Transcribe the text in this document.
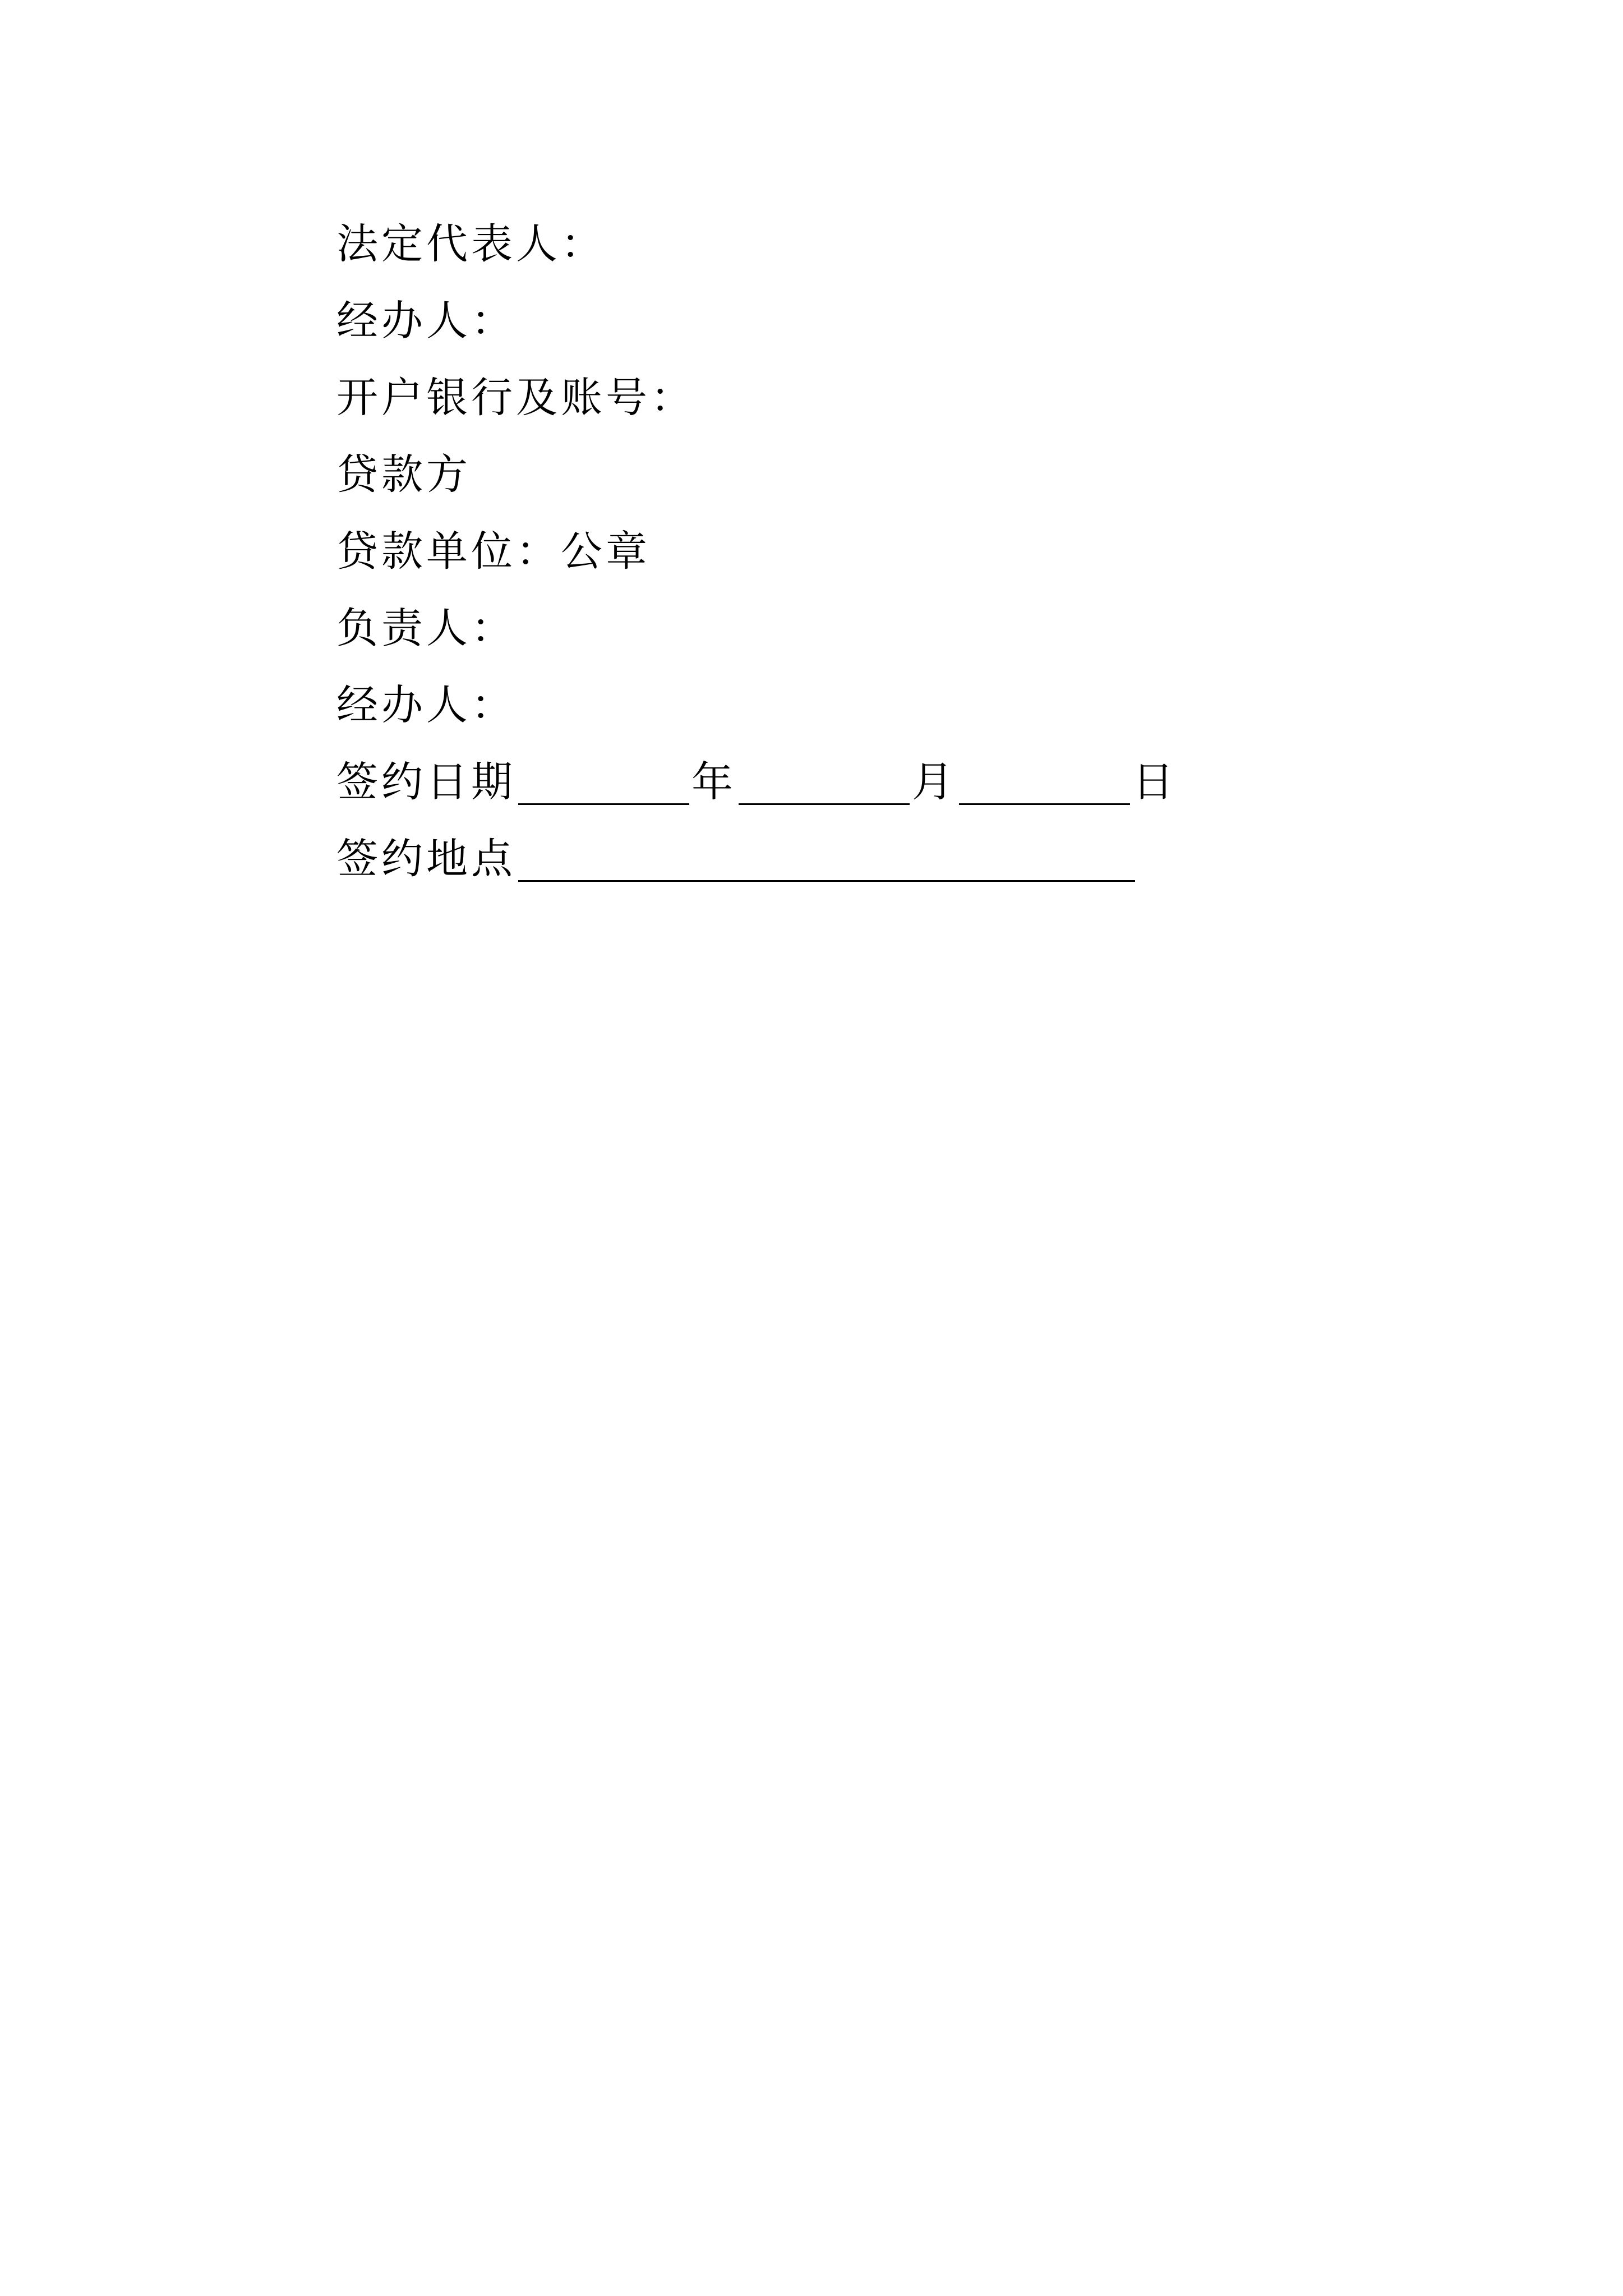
法定代表人：
经办人：
开户银行及账号：
贷款方
贷款单位：公章
负责人：
经办人：
签约日期	年	月	日
签约地点
